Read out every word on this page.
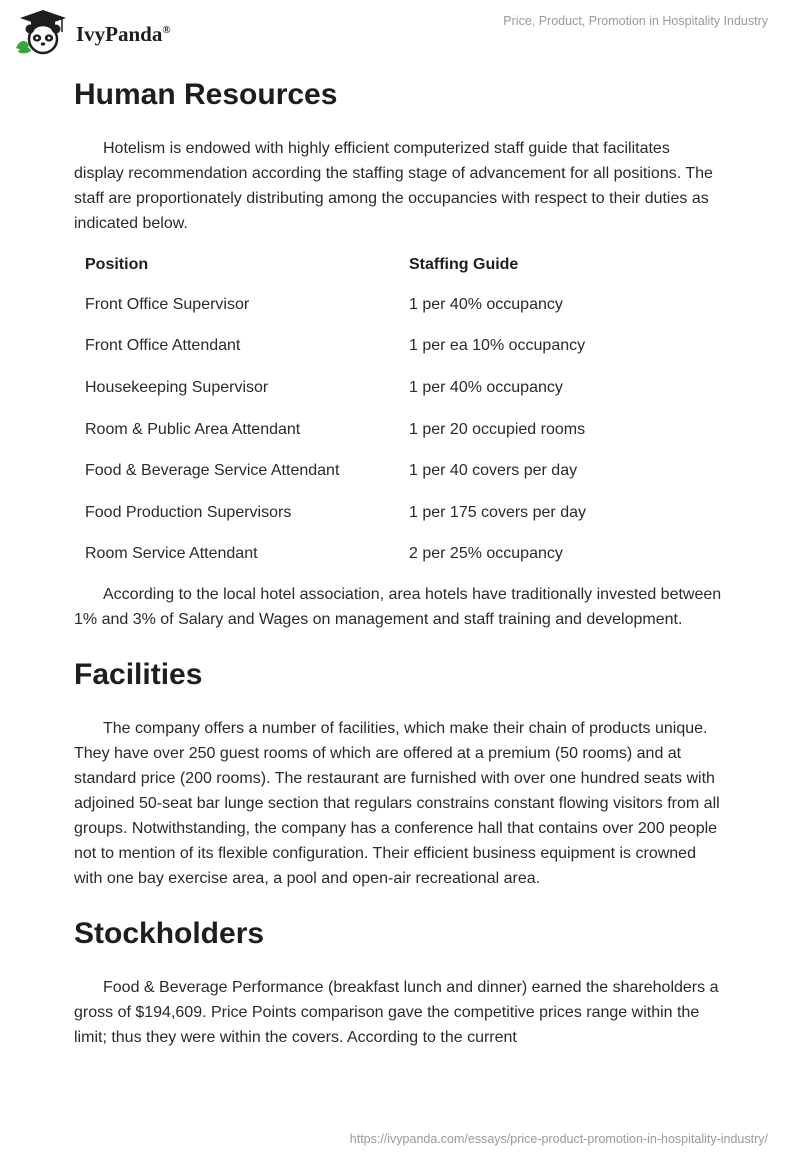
IvyPanda®
Price, Product, Promotion in Hospitality Industry
Human Resources

Hotelism is endowed with highly efficient computerized staff guide that facilitates display recommendation according the staffing stage of advancement for all positions. The staff are proportionately distributing among the occupancies with respect to their duties as indicated below.

Position	Staffing Guide
Front Office Supervisor	1 per 40% occupancy
Front Office Attendant	1 per ea 10% occupancy
Housekeeping Supervisor	1 per 40% occupancy
Room & Public Area Attendant	1 per 20 occupied rooms
Food & Beverage Service Attendant	1 per 40 covers per day
Food Production Supervisors	1 per 175 covers per day
Room Service Attendant	2 per 25% occupancy

According to the local hotel association, area hotels have traditionally invested between 1% and 3% of Salary and Wages on management and staff training and development.

Facilities

The company offers a number of facilities, which make their chain of products unique. They have over 250 guest rooms of which are offered at a premium (50 rooms) and at standard price (200 rooms). The restaurant are furnished with over one hundred seats with adjoined 50-seat bar lunge section that regulars constrains constant flowing visitors from all groups. Notwithstanding, the company has a conference hall that contains over 200 people not to mention of its flexible configuration. Their efficient business equipment is crowned with one bay exercise area, a pool and open-air recreational area.

Stockholders

Food & Beverage Performance (breakfast lunch and dinner) earned the shareholders a gross of $194,609. Price Points comparison gave the competitive prices range within the limit; thus they were within the covers. According to the current

https://ivypanda.com/essays/price-product-promotion-in-hospitality-industry/
